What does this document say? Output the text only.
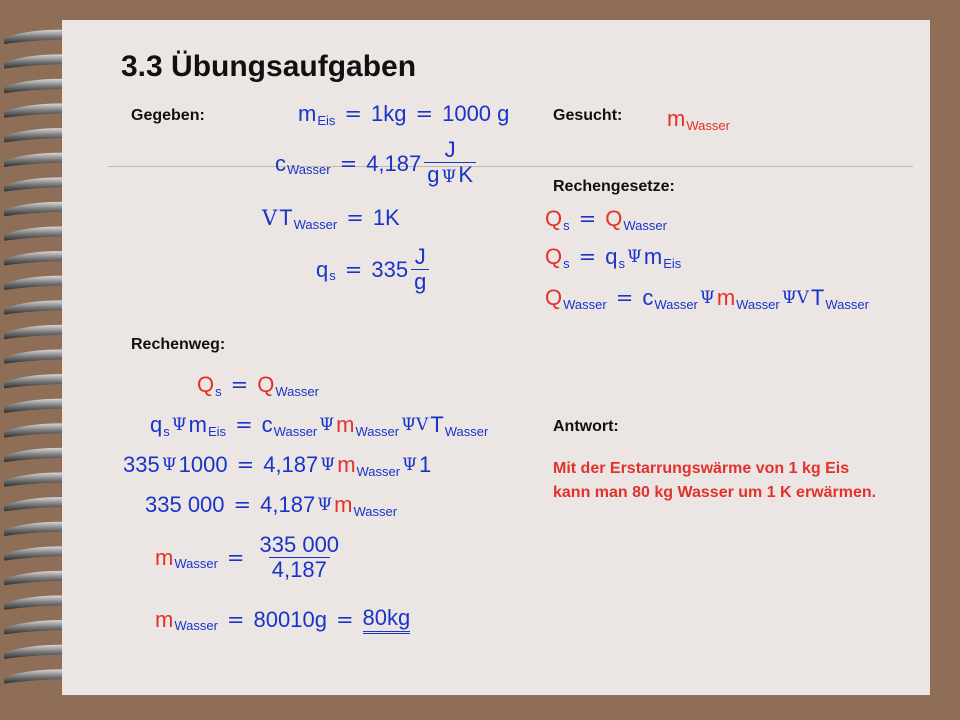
3.3 Übungsaufgaben
Gegeben:	Gesucht:
Rechengesetze:
Rechenweg:
Antwort:
m Eis = 1kg = 1000 g
c Wasser = $4,187 \frac{J}{\text{g ΨK}}$
V T Wasser = 1K
q $s = 335 \frac{J}{g}$
m Wasser
Q s = Q Wasser
Q s = q s Ψ m Eis
Q Wasser = c Wasser Ψ m Wasser ΨV T Wasser
Q s = Q Wasser
q s Ψ m Eis = c Wasser Ψ m Wasser ΨV T Wasser
335 Ψ 1000 = 4,187 Ψ m Wasser Ψ 1
335 000 = 4,187 Ψ m Wasser
m Wasser = $\frac{335 000}{4,187}$
m Wasser = 80010g = 80kg
Mit der Erstarrungswärme von 1 kg Eis kann man 80 kg Wasser um 1 K erwärmen.
